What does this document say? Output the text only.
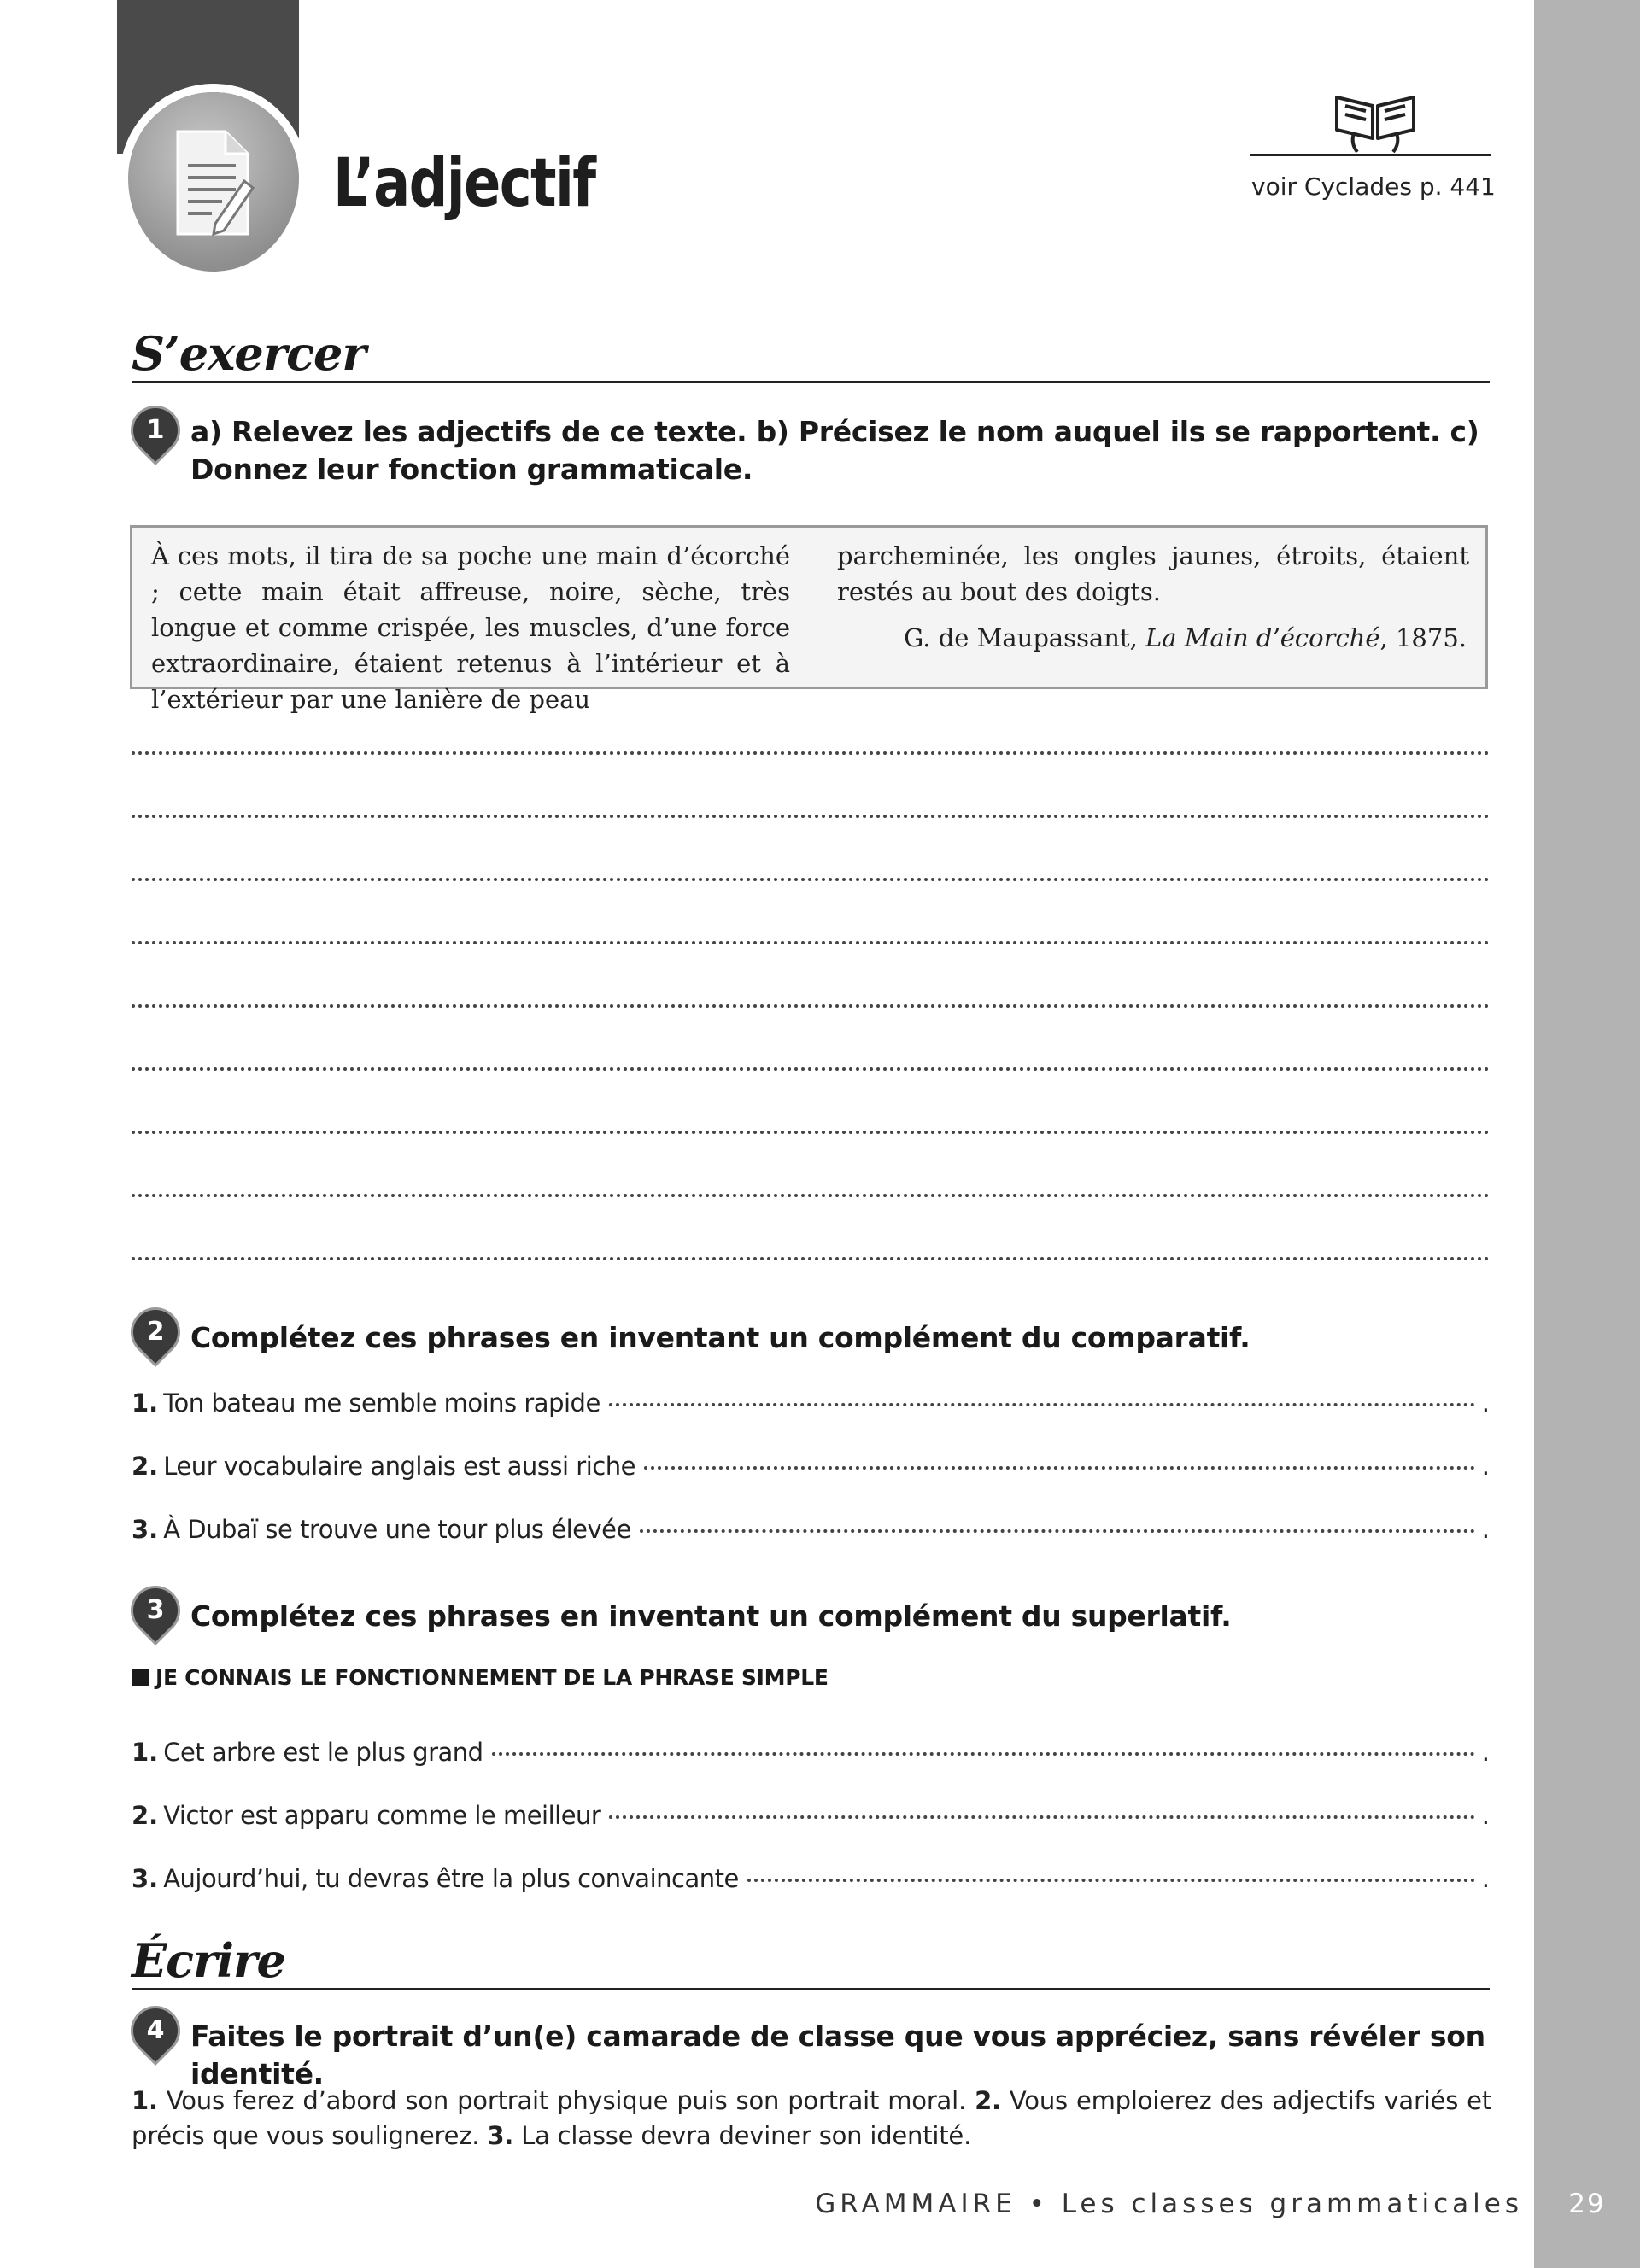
L’adjectif	voir Cyclades p. 441
S’exercer
1 a) Relevez les adjectifs de ce texte. b) Précisez le nom auquel ils se rapportent. c) Donnez leur fonction grammaticale.

À ces mots, il tira de sa poche une main d’écorché ; cette main était affreuse, noire, sèche, très longue et comme crispée, les muscles, d’une force extraordinaire, étaient retenus à l’intérieur et à l’extérieur par une lanière de peau
parcheminée, les ongles jaunes, étroits, étaient restés au bout des doigts.
G. de Maupassant, La Main d’écorché, 1875.
2 Complétez ces phrases en inventant un complément du comparatif.

1. Ton bateau me semble moins rapide	.
2. Leur vocabulaire anglais est aussi riche	.
3. À Dubaï se trouve une tour plus élevée	.
3 Complétez ces phrases en inventant un complément du superlatif.

JE CONNAIS LE FONCTIONNEMENT DE LA PHRASE SIMPLE
1. Cet arbre est le plus grand	.
2. Victor est apparu comme le meilleur	.
3. Aujourd’hui, tu devras être la plus convaincante	.
Écrire
4 Faites le portrait d’un(e) camarade de classe que vous appréciez, sans révéler son identité.

1. Vous ferez d’abord son portrait physique puis son portrait moral. 2. Vous emploierez des adjectifs variés et précis que vous soulignerez. 3. La classe devra deviner son identité.

GRAMMAIRE • Les classes grammaticales	29
